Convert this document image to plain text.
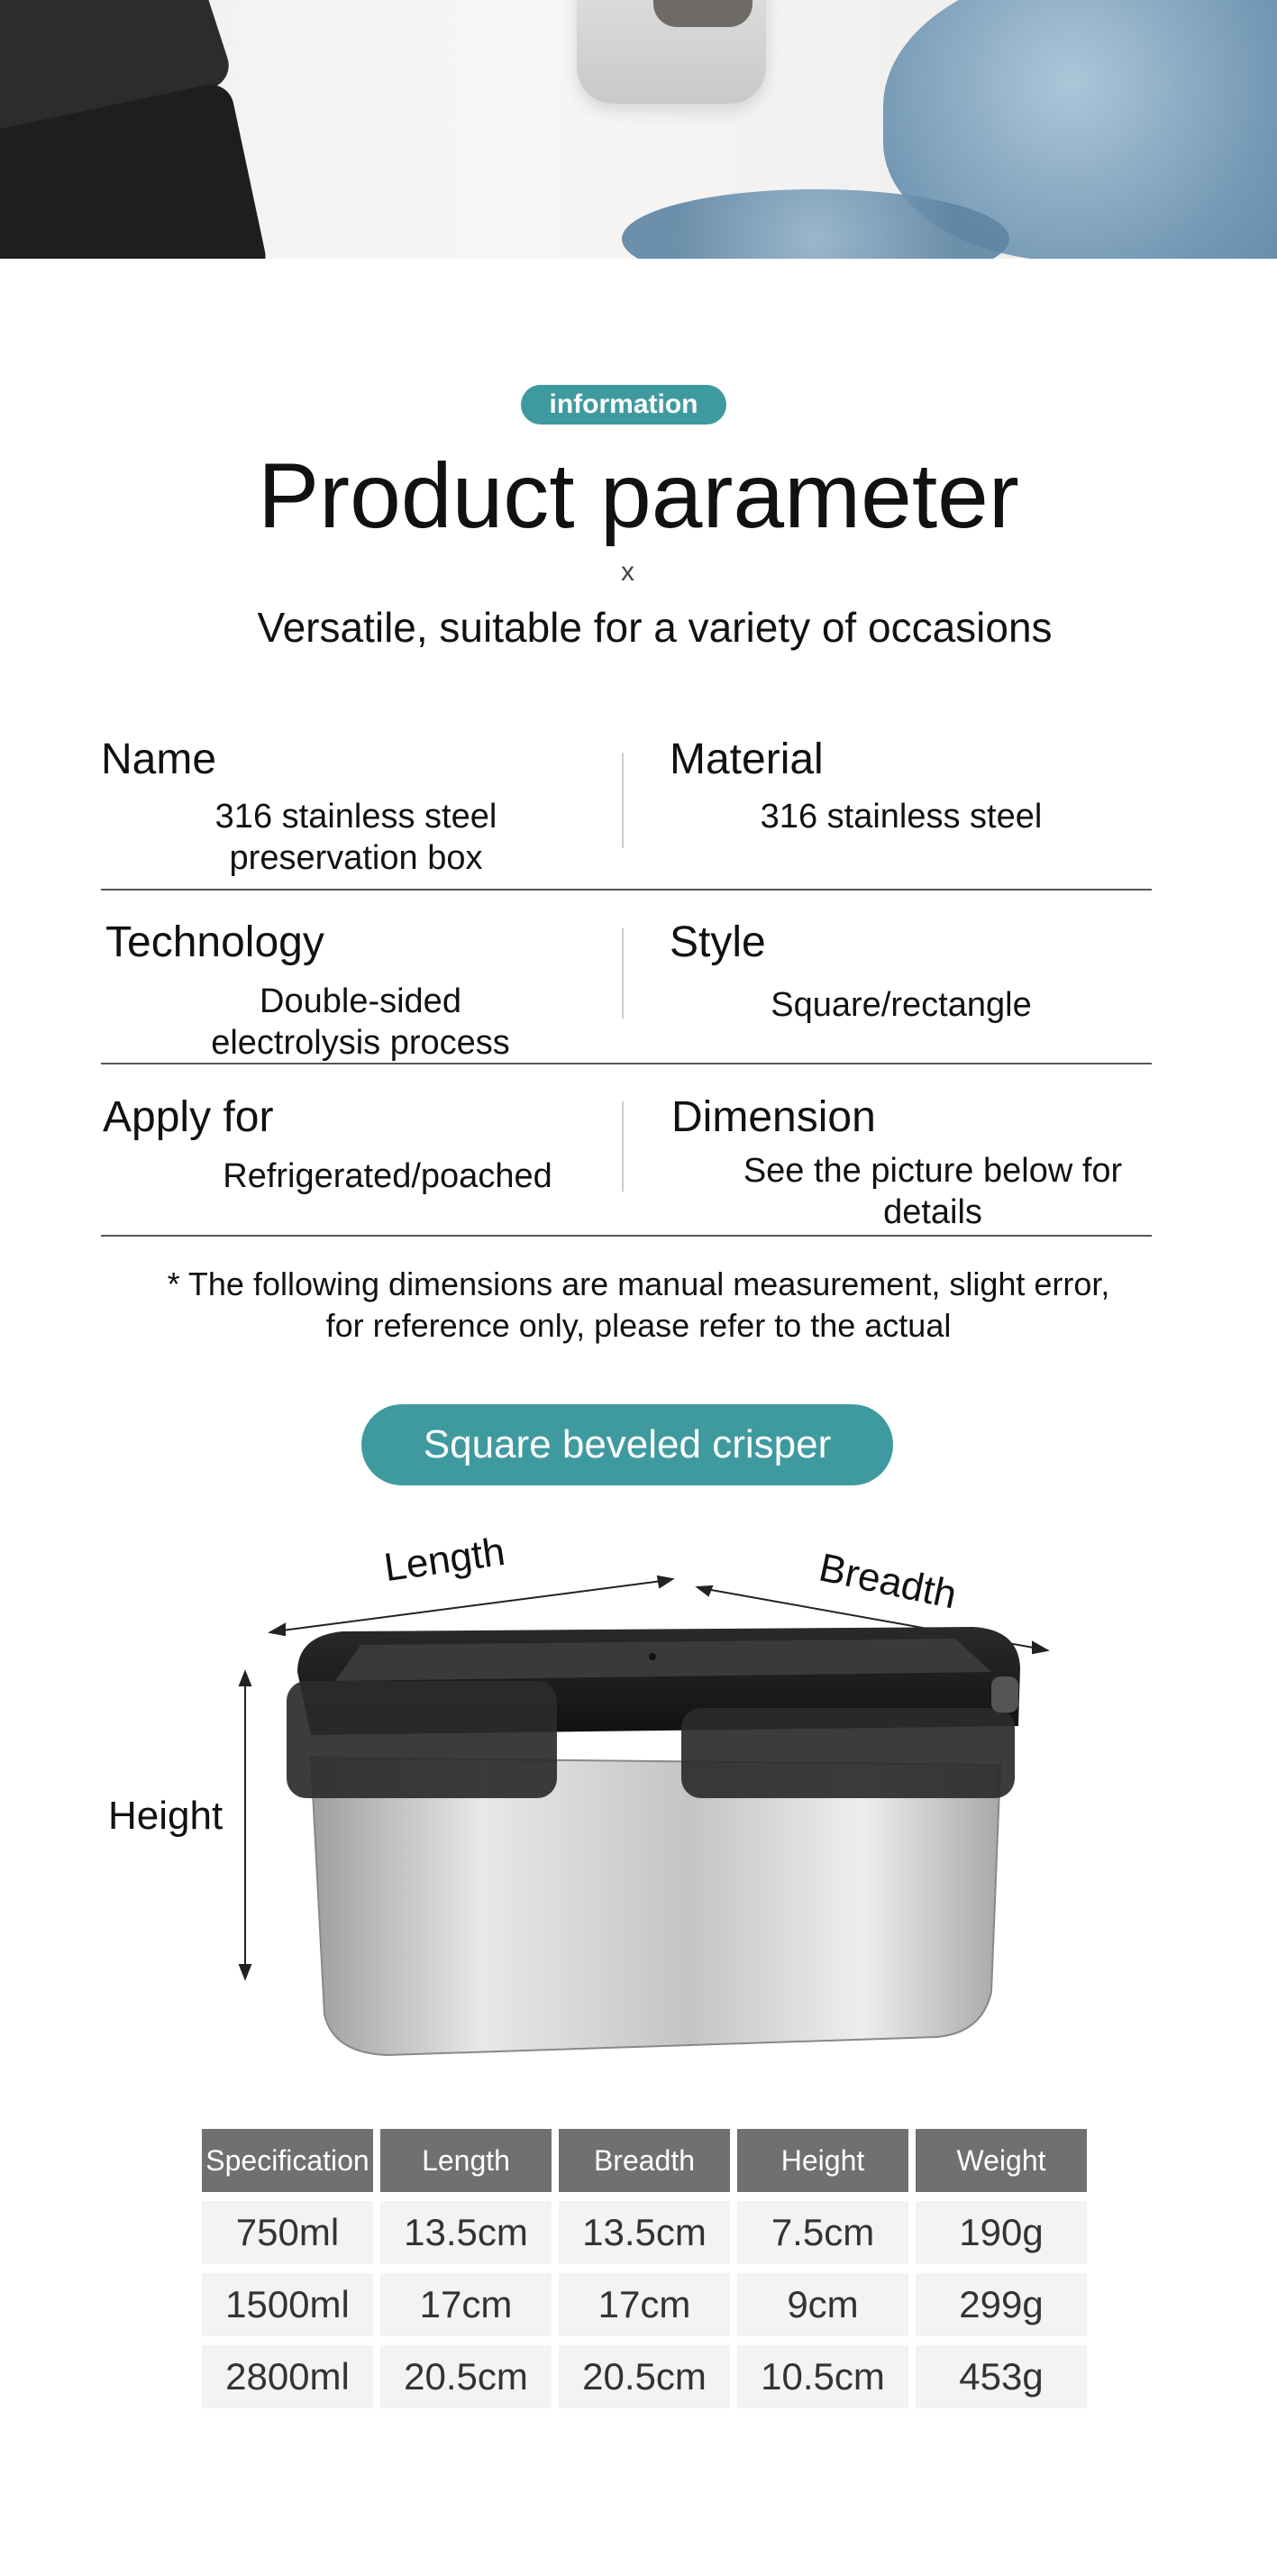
information
Product parameter
x
Versatile, suitable for a variety of occasions
Name
316 stainless steel preservation box
Material
316 stainless steel
Technology
Double-sided electrolysis process
Style
Square/rectangle
Apply for
Refrigerated/poached
Dimension
See the picture below for details
* The following dimensions are manual measurement, slight error,
for reference only, please refer to the actual
Square beveled crisper
Length	Breadth
Height
Specification	Length	Breadth	Height	Weight
750ml	13.5cm	13.5cm	7.5cm	190g
1500ml	17cm	17cm	9cm	299g
2800ml	20.5cm	20.5cm	10.5cm	453g
